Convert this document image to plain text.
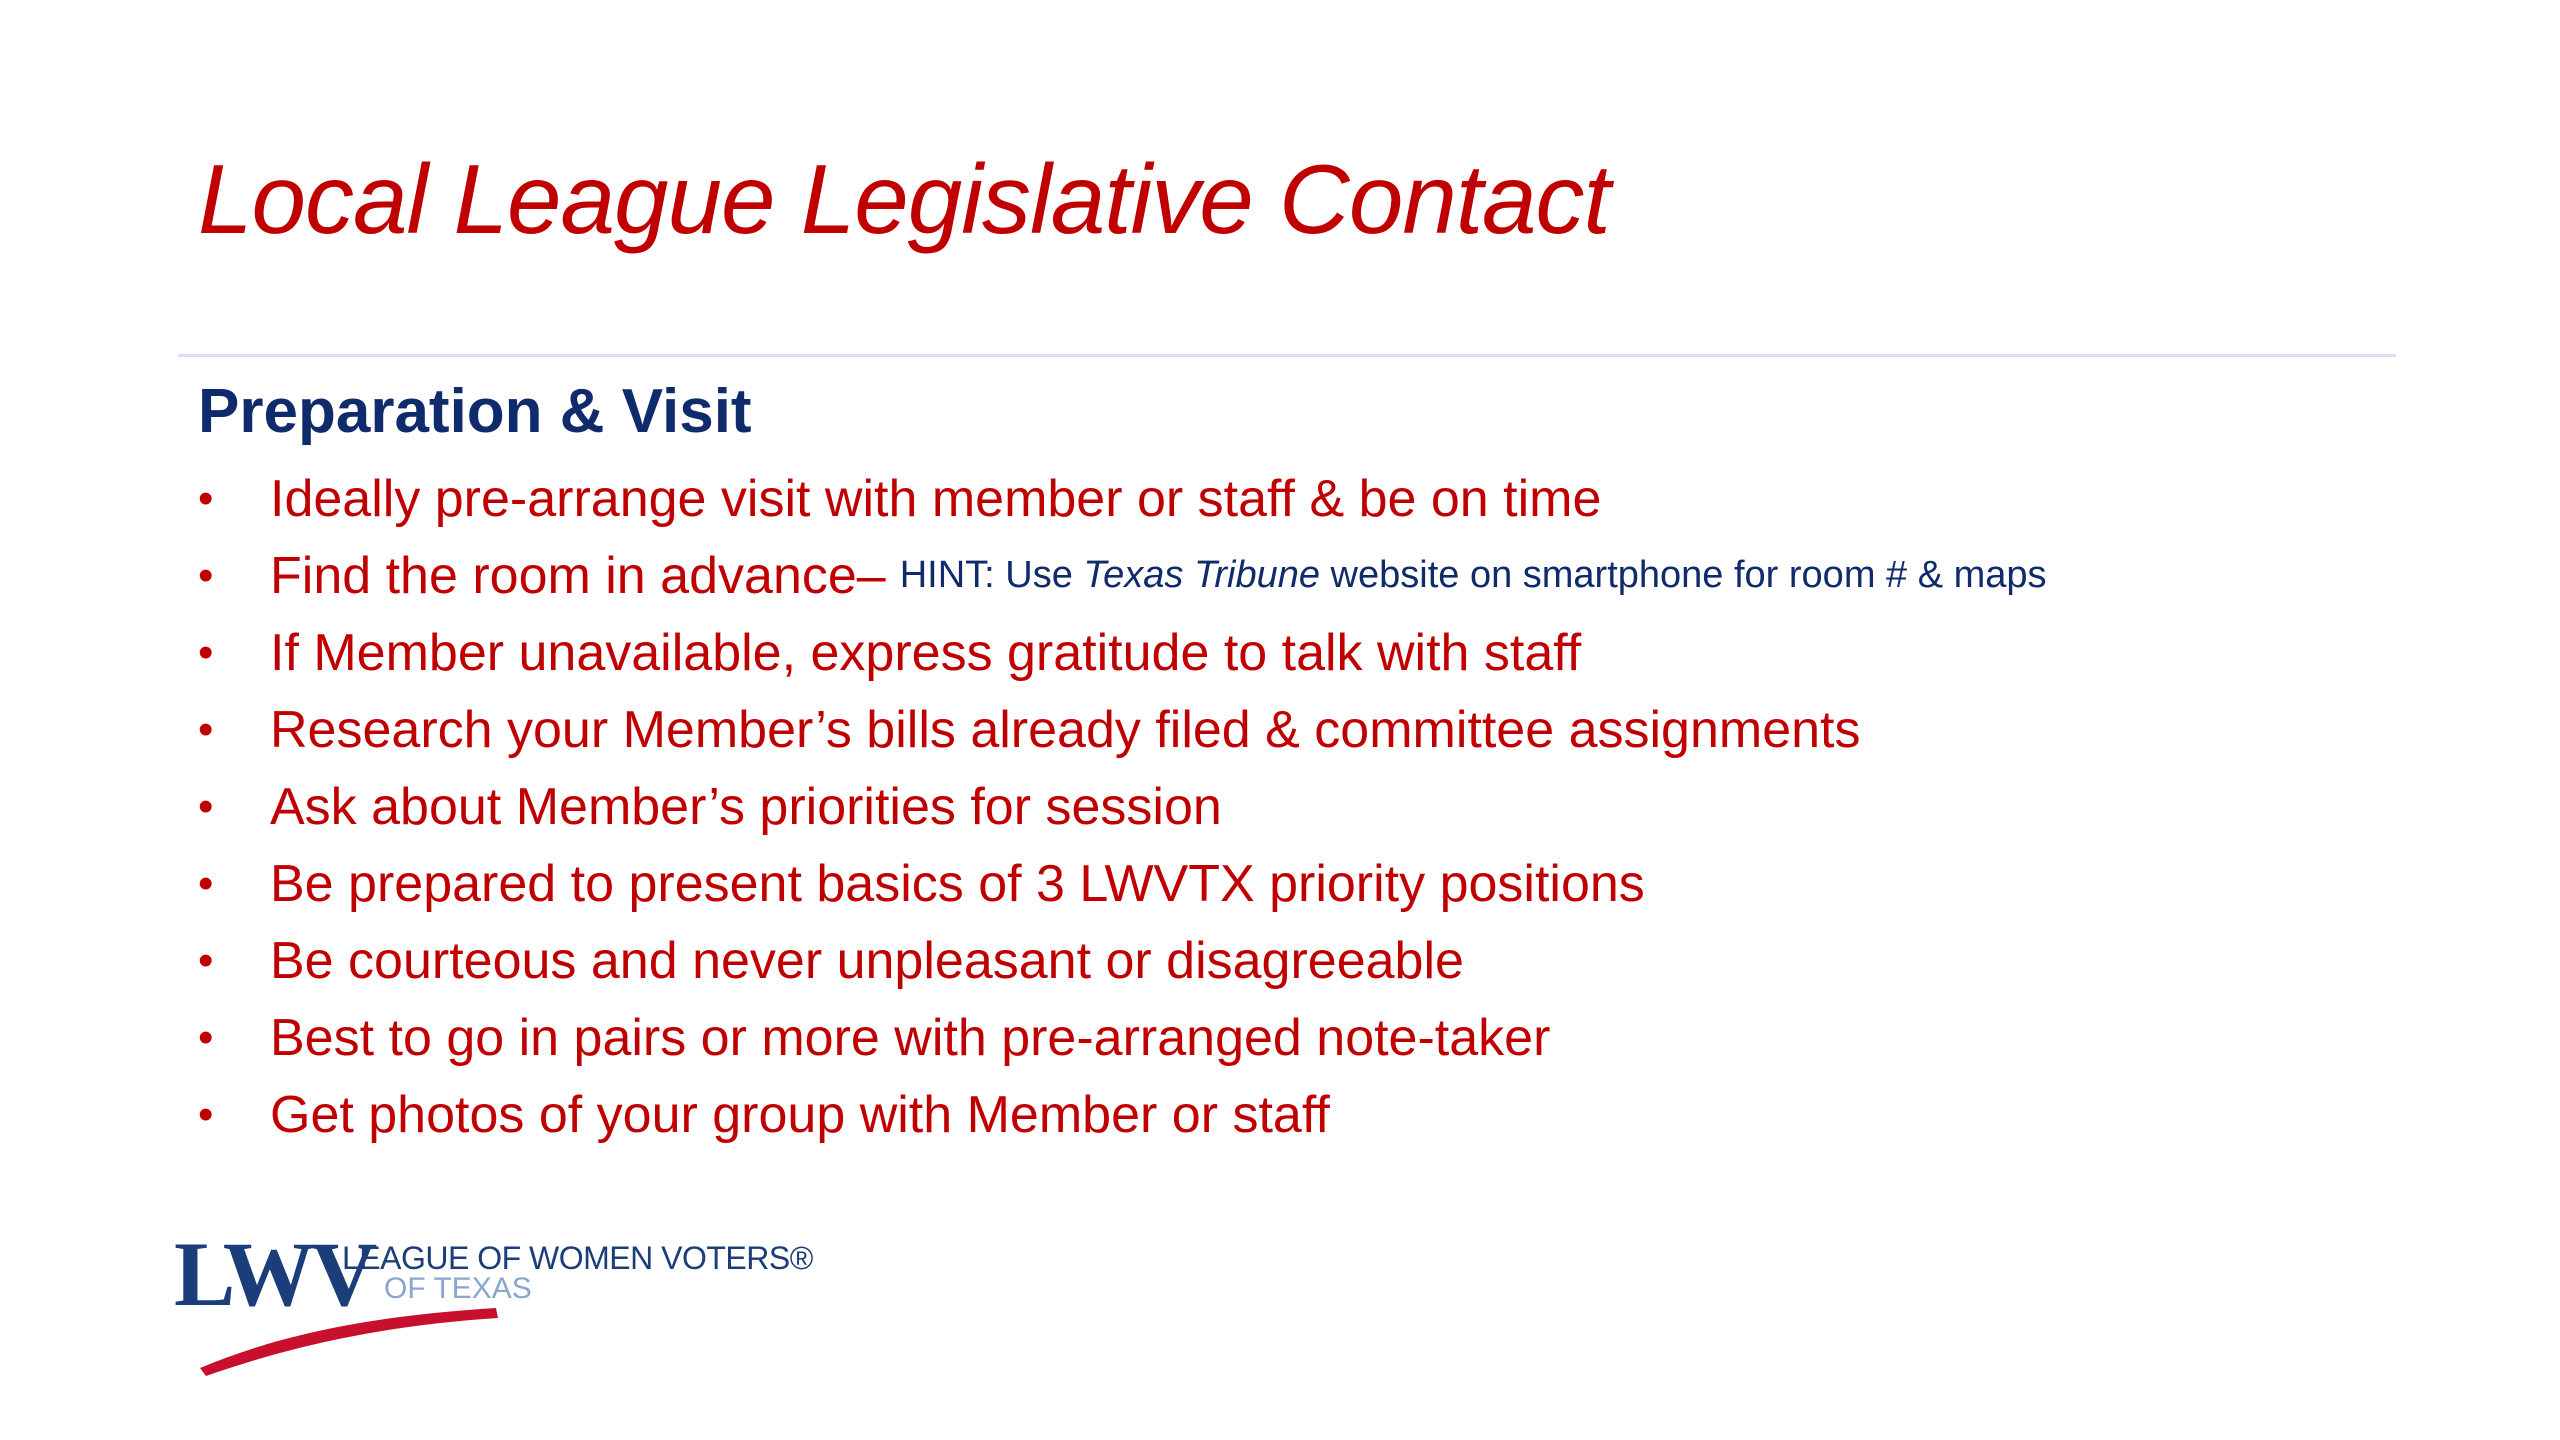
Local League Legislative Contact
Preparation & Visit
•	Ideally pre-arrange visit with member or staff & be on time
•	Find the room in advance– HINT: Use Texas Tribune website on smartphone for room # & maps
•	If Member unavailable, express gratitude to talk with staff
•	Research your Member’s bills already filed & committee assignments
•	Ask about Member’s priorities for session
•	Be prepared to present basics of 3 LWVTX priority positions
•	Be courteous and never unpleasant or disagreeable
•	Best to go in pairs or more with pre-arranged note-taker
•	Get photos of your group with Member or staff
LWV
LEAGUE OF WOMEN VOTERS®
OF TEXAS
